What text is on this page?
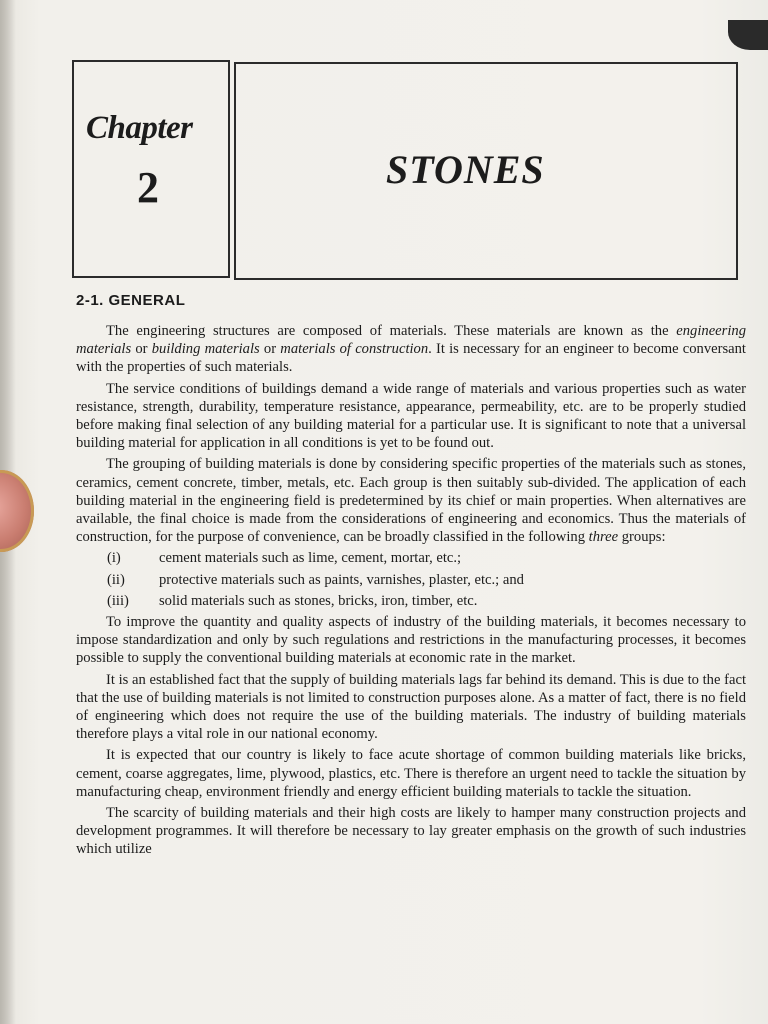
Chapter
2	STONES
2-1. GENERAL

The engineering structures are composed of materials. These materials are known as the engineering materials or building materials or materials of construction. It is necessary for an engineer to become conversant with the properties of such materials.

The service conditions of buildings demand a wide range of materials and various properties such as water resistance, strength, durability, temperature resistance, appearance, permeability, etc. are to be properly studied before making final selection of any building material for a particular use. It is significant to note that a universal building material for application in all conditions is yet to be found out.

The grouping of building materials is done by considering specific properties of the materials such as stones, ceramics, cement concrete, timber, metals, etc. Each group is then suitably sub-divided. The application of each building material in the engineering field is predetermined by its chief or main properties. When alternatives are available, the final choice is made from the considerations of engineering and economics. Thus the materials of construction, for the purpose of convenience, can be broadly classified in the following three groups:

(i)	cement materials such as lime, cement, mortar, etc.;
(ii)	protective materials such as paints, varnishes, plaster, etc.; and
(iii)	solid materials such as stones, bricks, iron, timber, etc.

To improve the quantity and quality aspects of industry of the building materials, it becomes necessary to impose standardization and only by such regulations and restrictions in the manufacturing processes, it becomes possible to supply the conventional building materials at economic rate in the market.

It is an established fact that the supply of building materials lags far behind its demand. This is due to the fact that the use of building materials is not limited to construction purposes alone. As a matter of fact, there is no field of engineering which does not require the use of the building materials. The industry of building materials therefore plays a vital role in our national economy.

It is expected that our country is likely to face acute shortage of common building materials like bricks, cement, coarse aggregates, lime, plywood, plastics, etc. There is therefore an urgent need to tackle the situation by manufacturing cheap, environment friendly and energy efficient building materials to tackle the situation.

The scarcity of building materials and their high costs are likely to hamper many construction projects and development programmes. It will therefore be necessary to lay greater emphasis on the growth of such industries which utilize
